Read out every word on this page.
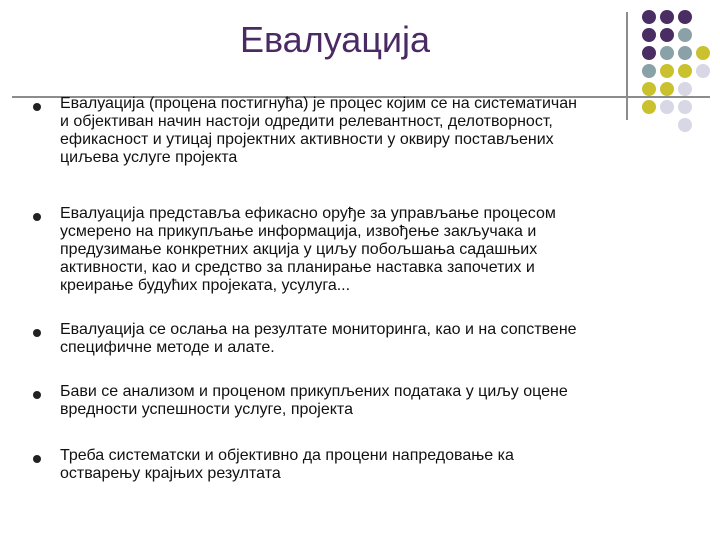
Евалуација
Евалуација (процена постигнућа) је процес којим се на систематичан
и објективан начин настоји одредити релевантност, делотворност,
ефикасност и утицај пројектних активности у оквиру постављених
циљева услуге пројекта
Евалуација представља ефикасно оруђе за управљање процесом
усмерено на прикупљање информација, извођење закључака и
предузимање конкретних акција у циљу побољшања садашњих
активности, као и средство за планирање наставка започетих и
креирање будућих пројеката, усулуга...
Евалуација се ослања на резултате мониторинга, као и на сопствене
специфичне методе и алате.
Бави се анализом и проценом прикупљених података у циљу оцене
вредности успешности услуге, пројекта
Треба систематски и објективно да процени напредовање ка
остварењу крајњих резултата
